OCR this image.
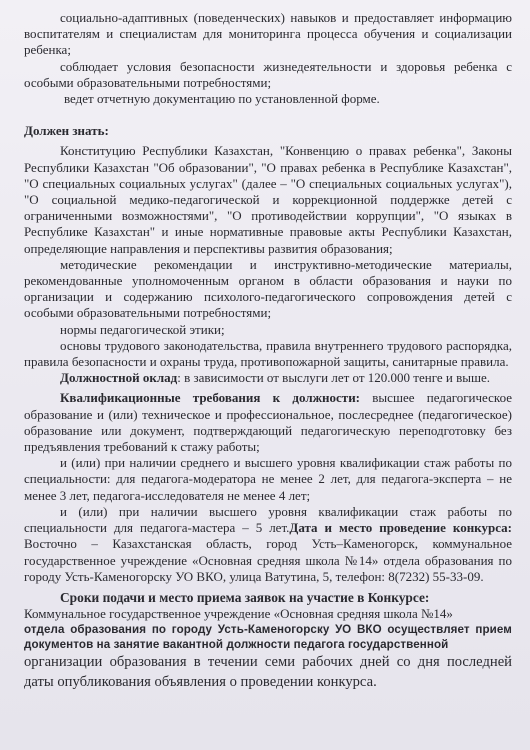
социально-адаптивных (поведенческих) навыков и предоставляет информацию воспитателям и специалистам для мониторинга процесса обучения и социализации ребенка;

соблюдает условия безопасности жизнедеятельности и здоровья ребенка с особыми образовательными потребностями;

ведет отчетную документацию по установленной форме.

Должен знать:

Конституцию Республики Казахстан, "Конвенцию о правах ребенка", Законы Республики Казахстан "Об образовании", "О правах ребенка в Республике Казахстан", "О специальных социальных услугах" (далее – "О специальных социальных услугах"), "О социальной медико-педагогической и коррекционной поддержке детей с ограниченными возможностями", "О противодействии коррупции", "О языках в Республике Казахстан" и иные нормативные правовые акты Республики Казахстан, определяющие направления и перспективы развития образования;

методические рекомендации и инструктивно-методические материалы, рекомендованные уполномоченным органом в области образования и науки по организации и содержанию психолого-педагогического сопровождения детей с особыми образовательными потребностями;

нормы педагогической этики;

основы трудового законодательства, правила внутреннего трудового распорядка, правила безопасности и охраны труда, противопожарной защиты, санитарные правила.

Должностной оклад: в зависимости от выслуги лет от 120.000 тенге и выше.

Квалификационные требования к должности: высшее педагогическое образование и (или) техническое и профессиональное, послесреднее (педагогическое) образование или документ, подтверждающий педагогическую переподготовку без предъявления требований к стажу работы;

и (или) при наличии среднего и высшего уровня квалификации стаж работы по специальности: для педагога-модератора не менее 2 лет, для педагога-эксперта – не менее 3 лет, педагога-исследователя не менее 4 лет;

и (или) при наличии высшего уровня квалификации стаж работы по специальности для педагога-мастера – 5 лет.Дата и место проведение конкурса: Восточно – Казахстанская область, город Усть–Каменогорск, коммунальное государственное учреждение «Основная средняя школа №14» отдела образования по городу Усть-Каменогорску УО ВКО, улица Ватутина, 5, телефон: 8(7232) 55-33-09.

Сроки подачи и место приема заявок на участие в Конкурсе:

Коммунальное государственное учреждение «Основная средняя школа №14»

отдела образования по городу Усть-Каменогорску УО ВКО осуществляет прием документов на занятие вакантной должности педагога государственной

организации образования в течении семи рабочих дней со дня последней даты опубликования объявления о проведении конкурса.
